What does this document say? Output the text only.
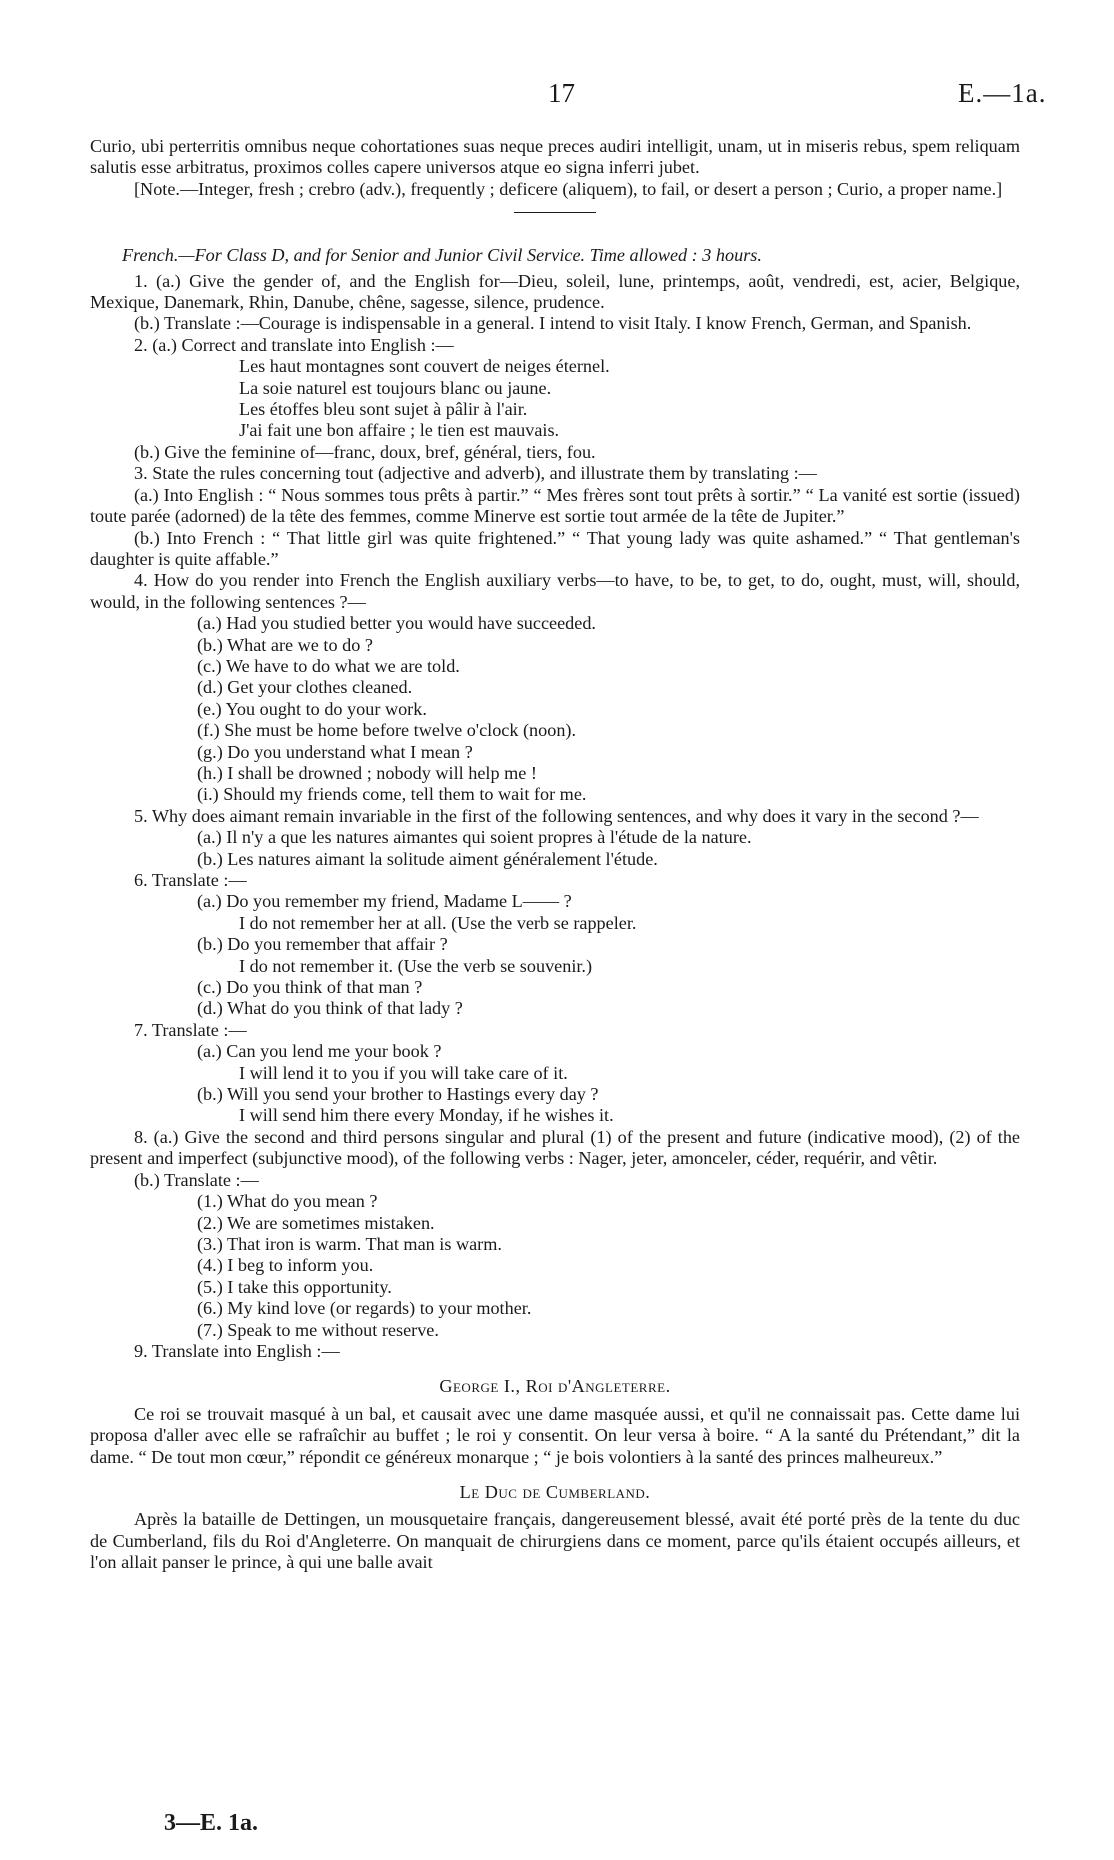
17	E.—1a.

Curio, ubi perterritis omnibus neque cohortationes suas neque preces audiri intelligit, unam, ut in miseris rebus, spem reliquam salutis esse arbitratus, proximos colles capere universos atque eo signa inferri jubet.

[Note.—Integer, fresh ; crebro (adv.), frequently ; deficere (aliquem), to fail, or desert a person ; Curio, a proper name.]

French.—For Class D, and for Senior and Junior Civil Service. Time allowed : 3 hours.

1. (a.) Give the gender of, and the English for—Dieu, soleil, lune, printemps, août, vendredi, est, acier, Belgique, Mexique, Danemark, Rhin, Danube, chêne, sagesse, silence, prudence.

(b.) Translate :—Courage is indispensable in a general. I intend to visit Italy. I know French, German, and Spanish.

2. (a.) Correct and translate into English :—

Les haut montagnes sont couvert de neiges éternel.

La soie naturel est toujours blanc ou jaune.

Les étoffes bleu sont sujet à pâlir à l'air.

J'ai fait une bon affaire ; le tien est mauvais.

(b.) Give the feminine of—franc, doux, bref, général, tiers, fou.

3. State the rules concerning tout (adjective and adverb), and illustrate them by translating :—

(a.) Into English : “ Nous sommes tous prêts à partir.” “ Mes frères sont tout prêts à sortir.” “ La vanité est sortie (issued) toute parée (adorned) de la tête des femmes, comme Minerve est sortie tout armée de la tête de Jupiter.”

(b.) Into French : “ That little girl was quite frightened.” “ That young lady was quite ashamed.” “ That gentleman's daughter is quite affable.”

4. How do you render into French the English auxiliary verbs—to have, to be, to get, to do, ought, must, will, should, would, in the following sentences ?—

(a.) Had you studied better you would have succeeded.

(b.) What are we to do ?

(c.) We have to do what we are told.

(d.) Get your clothes cleaned.

(e.) You ought to do your work.

(f.) She must be home before twelve o'clock (noon).

(g.) Do you understand what I mean ?

(h.) I shall be drowned ; nobody will help me !

(i.) Should my friends come, tell them to wait for me.

5. Why does aimant remain invariable in the first of the following sentences, and why does it vary in the second ?—

(a.) Il n'y a que les natures aimantes qui soient propres à l'étude de la nature.

(b.) Les natures aimant la solitude aiment généralement l'étude.

6. Translate :—

(a.) Do you remember my friend, Madame L—— ?

I do not remember her at all. (Use the verb se rappeler.

(b.) Do you remember that affair ?

I do not remember it. (Use the verb se souvenir.)

(c.) Do you think of that man ?

(d.) What do you think of that lady ?

7. Translate :—

(a.) Can you lend me your book ?

I will lend it to you if you will take care of it.

(b.) Will you send your brother to Hastings every day ?

I will send him there every Monday, if he wishes it.

8. (a.) Give the second and third persons singular and plural (1) of the present and future (indicative mood), (2) of the present and imperfect (subjunctive mood), of the following verbs : Nager, jeter, amonceler, céder, requérir, and vêtir.

(b.) Translate :—

(1.) What do you mean ?

(2.) We are sometimes mistaken.

(3.) That iron is warm. That man is warm.

(4.) I beg to inform you.

(5.) I take this opportunity.

(6.) My kind love (or regards) to your mother.

(7.) Speak to me without reserve.

9. Translate into English :—

George I., Roi d'Angleterre.

Ce roi se trouvait masqué à un bal, et causait avec une dame masquée aussi, et qu'il ne connaissait pas. Cette dame lui proposa d'aller avec elle se rafraîchir au buffet ; le roi y consentit. On leur versa à boire. “ A la santé du Prétendant,” dit la dame. “ De tout mon cœur,” répondit ce généreux monarque ; “ je bois volontiers à la santé des princes malheureux.”

Le Duc de Cumberland.

Après la bataille de Dettingen, un mousquetaire français, dangereusement blessé, avait été porté près de la tente du duc de Cumberland, fils du Roi d'Angleterre. On manquait de chirurgiens dans ce moment, parce qu'ils étaient occupés ailleurs, et l'on allait panser le prince, à qui une balle avait

3—E. 1a.
